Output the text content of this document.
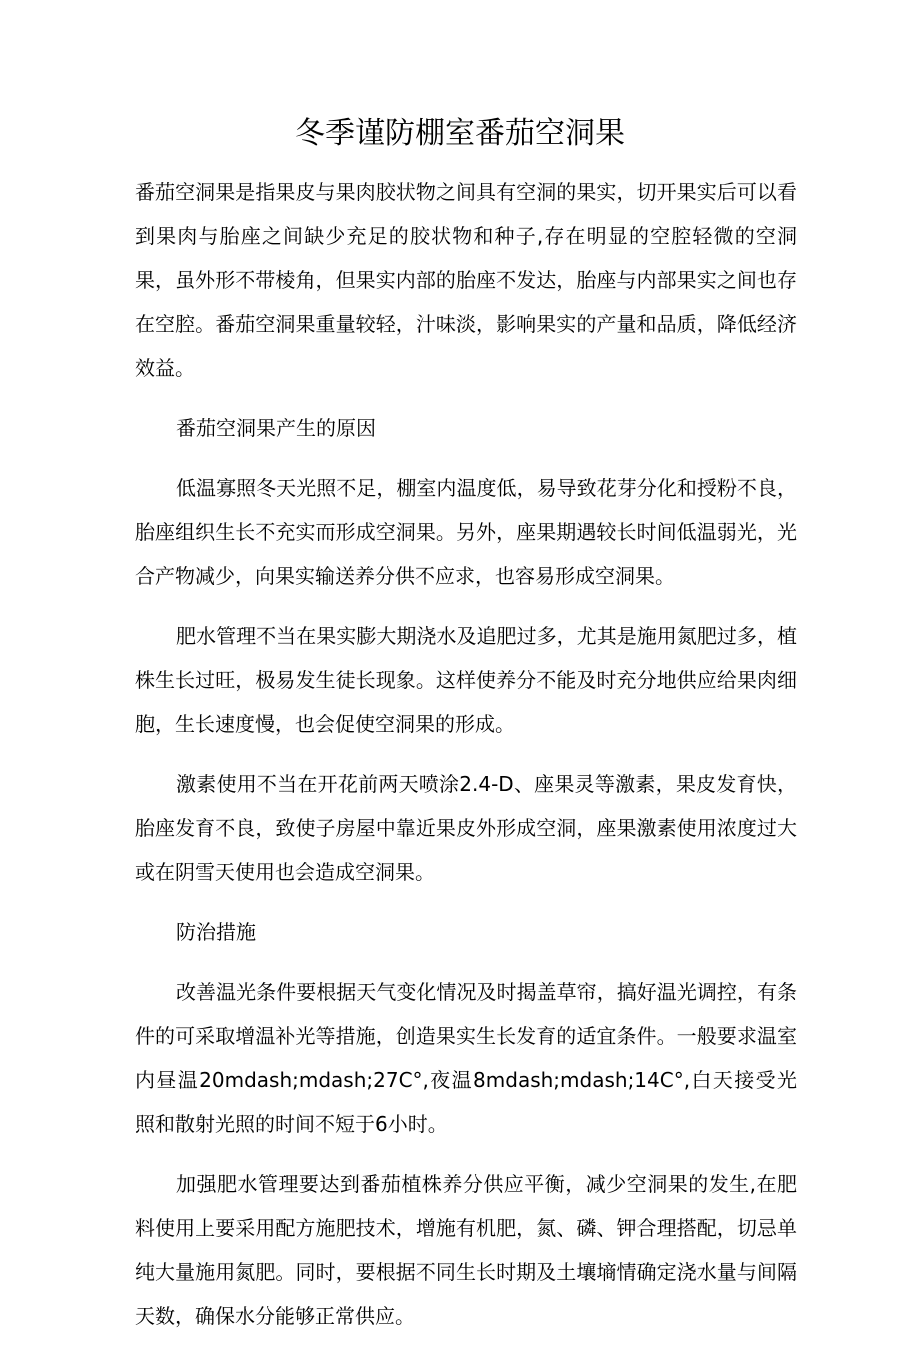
冬季谨防棚室番茄空洞果

番茄空洞果是指果皮与果肉胶状物之间具有空洞的果实，切开果实后可以看到果肉与胎座之间缺少充足的胶状物和种子,存在明显的空腔轻微的空洞果，虽外形不带棱角，但果实内部的胎座不发达，胎座与内部果实之间也存在空腔。番茄空洞果重量较轻，汁味淡，影响果实的产量和品质，降低经济效益。

番茄空洞果产生的原因

低温寡照冬天光照不足，棚室内温度低，易导致花芽分化和授粉不良，胎座组织生长不充实而形成空洞果。另外，座果期遇较长时间低温弱光，光合产物减少，向果实输送养分供不应求，也容易形成空洞果。

肥水管理不当在果实膨大期浇水及追肥过多，尤其是施用氮肥过多，植株生长过旺，极易发生徒长现象。这样使养分不能及时充分地供应给果肉细胞，生长速度慢，也会促使空洞果的形成。

激素使用不当在开花前两天喷涂2.4-D、座果灵等激素，果皮发育快，胎座发育不良，致使子房屋中靠近果皮外形成空洞，座果激素使用浓度过大或在阴雪天使用也会造成空洞果。

防治措施

改善温光条件要根据天气变化情况及时揭盖草帘，搞好温光调控，有条件的可采取增温补光等措施，创造果实生长发育的适宜条件。一般要求温室内昼温20mdash;mdash;27C°,夜温8mdash;mdash;14C°,白天接受光照和散射光照的时间不短于6小时。

加强肥水管理要达到番茄植株养分供应平衡，减少空洞果的发生,在肥料使用上要采用配方施肥技术，增施有机肥，氮、磷、钾合理搭配，切忌单纯大量施用氮肥。同时，要根据不同生长时期及土壤墒情确定浇水量与间隔天数，确保水分能够正常供应。
